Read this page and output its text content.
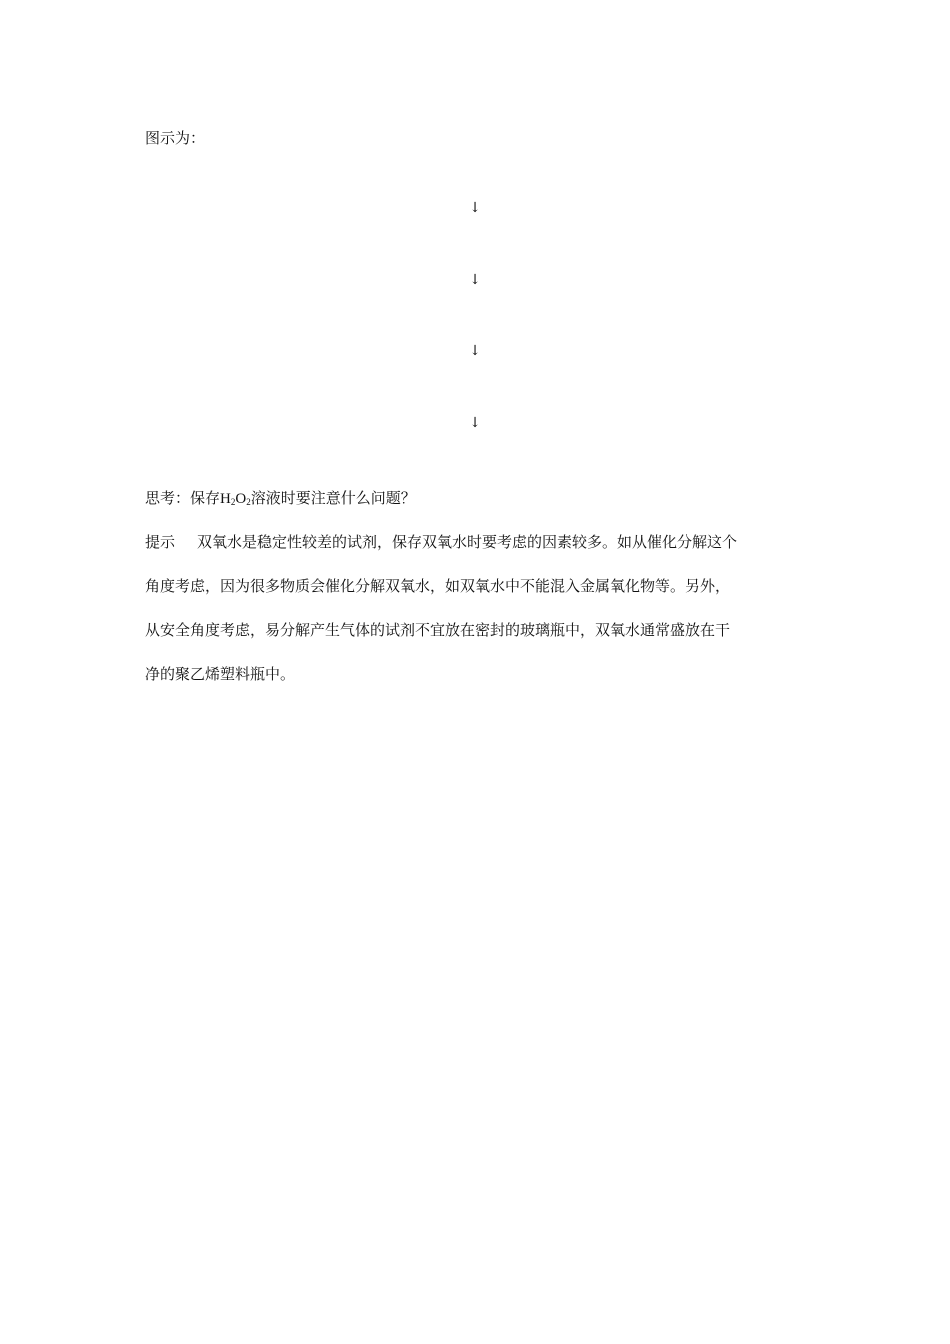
图示为：
↓
↓
↓
↓
思考：保存$H_2O_2$溶液时要注意什么问题？
提示 双氧水是稳定性较差的试剂，保存双氧水时要考虑的因素较多。如从催化分解这个
角度考虑，因为很多物质会催化分解双氧水，如双氧水中不能混入金属氧化物等。另外，
从安全角度考虑，易分解产生气体的试剂不宜放在密封的玻璃瓶中，双氧水通常盛放在干
净的聚乙烯塑料瓶中。
